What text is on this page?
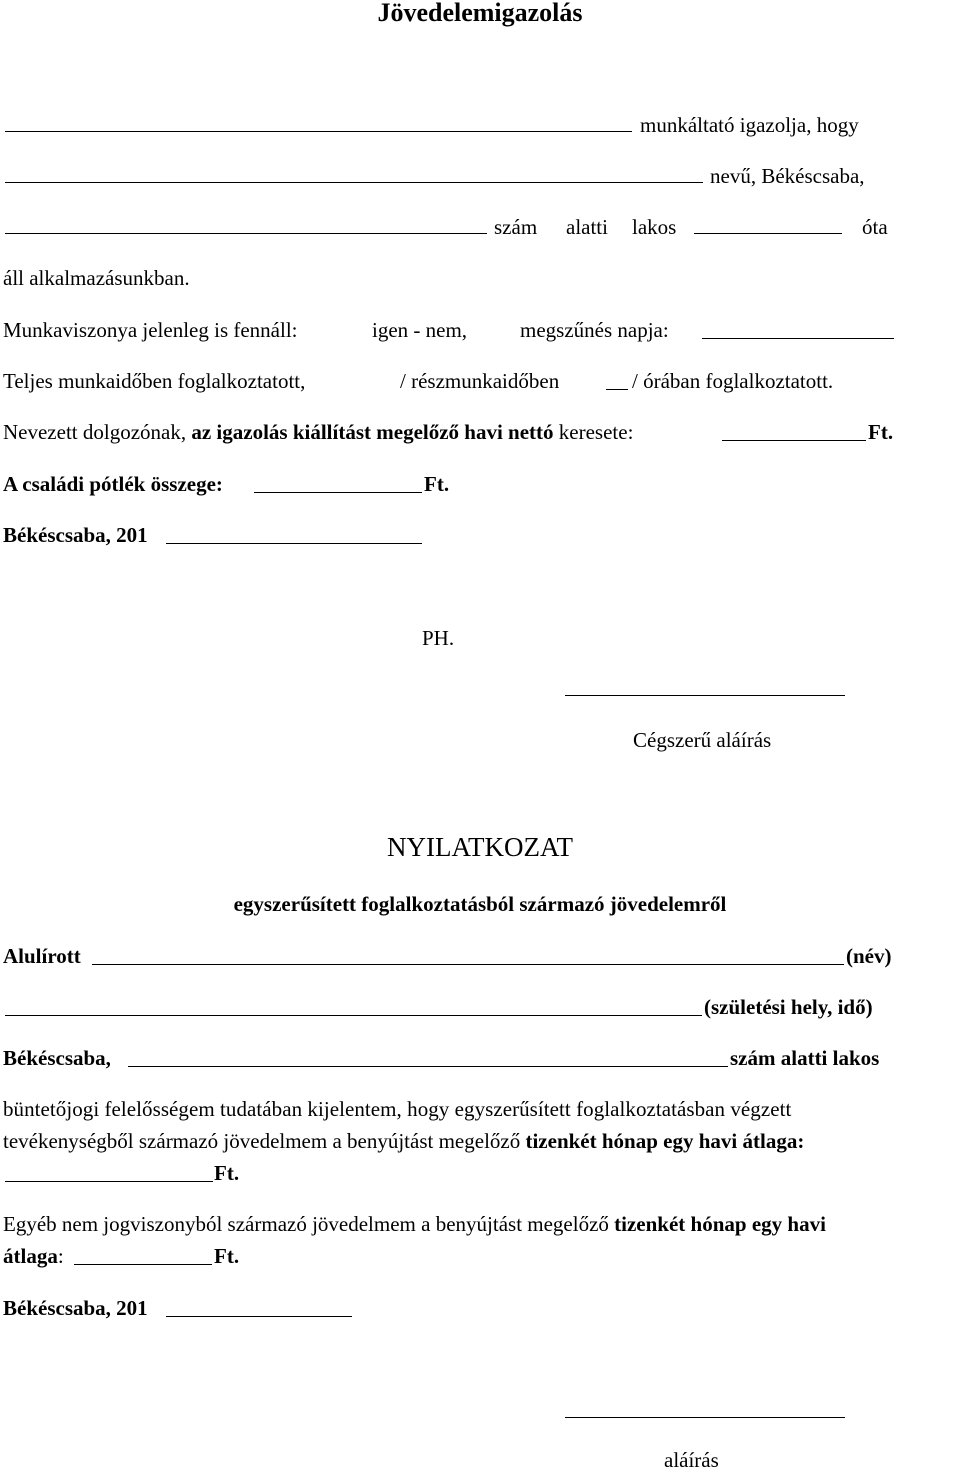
Jövedelemigazolás
munkáltató igazolja, hogy
nevű, Békéscsaba,
szám alatti lakos	óta
áll alkalmazásunkban.
Munkaviszonya jelenleg is fennáll:	igen - nem,	megszűnés napja:
Teljes munkaidőben foglalkoztatott,	/ részmunkaidőben	/ órában foglalkoztatott.
Nevezett dolgozónak, az igazolás kiállítást megelőző havi nettó keresete:	Ft.
A családi pótlék összege:	Ft.
Békéscsaba, 201
PH.
Cégszerű aláírás
NYILATKOZAT
egyszerűsített foglalkoztatásból származó jövedelemről
Alulírott	(név)
(születési hely, idő)
Békéscsaba,	szám alatti lakos
büntetőjogi felelősségem tudatában kijelentem, hogy egyszerűsített foglalkoztatásban végzett
tevékenységből származó jövedelmem a benyújtást megelőző tizenkét hónap egy havi átlaga:
Ft.
Egyéb nem jogviszonyból származó jövedelmem a benyújtást megelőző tizenkét hónap egy havi
átlaga:	Ft.
Békéscsaba, 201
aláírás
